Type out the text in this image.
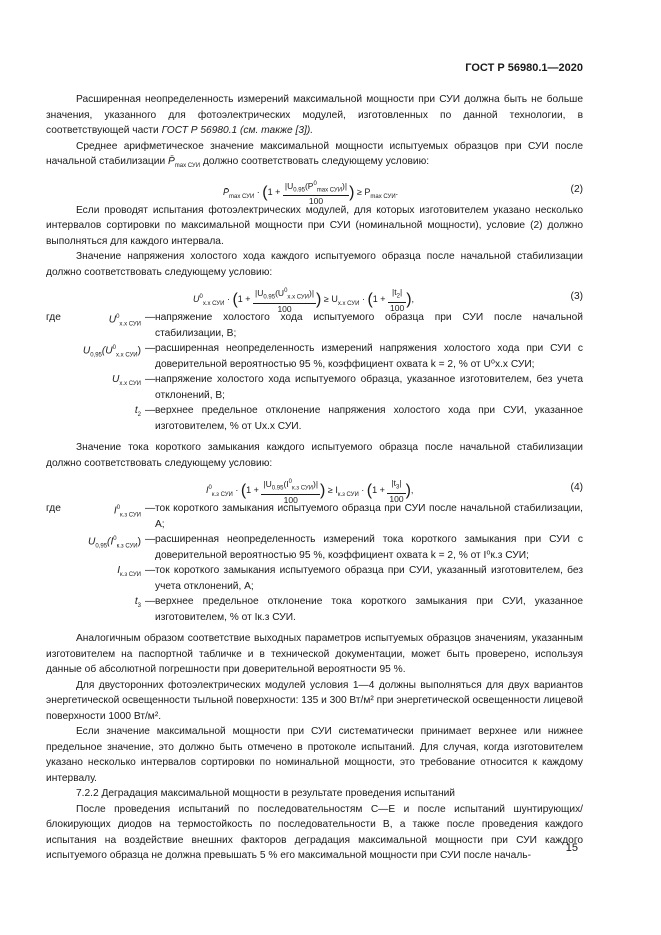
ГОСТ Р 56980.1—2020

Расширенная неопределенность измерений максимальной мощности при СУИ должна быть не больше значения, указанного для фотоэлектрических модулей, изготовленных по данной технологии, в соответствующей части ГОСТ Р 56980.1 (см. также [3]).

Среднее арифметическое значение максимальной мощности испытуемых образцов при СУИ после начальной стабилизации $P̄_{max СУИ}$ должно соответствовать следующему условию:

$P̄_{max СУИ} \cdot (1 + \frac{|U_{0.95}(P^0_{max СУИ})|}{100}$ ) ≥ $P_{max СУИ}$.	(2)

Если проводят испытания фотоэлектрических модулей, для которых изготовителем указано несколько интервалов сортировки по максимальной мощности при СУИ (номинальной мощности), условие (2) должно выполняться для каждого интервала.

Значение напряжения холостого хода каждого испытуемого образца после начальной стабилизации должно соответствовать следующему условию:

$U^0_{х.х СУИ} \cdot (1 + \frac{|U_{0.95}(U^0_{х.х СУИ})|}{100}$ ) ≥ $U_{х.х СУИ} \cdot (1 + \frac{|t_2|}{100}$ ),	(3)
где	$U^0_{х.х СУИ}$
— напряжение холостого хода испытуемого образца при СУИ после начальной стабилизации, В;
$U_{0,95}(U^0_{х.х СУИ})$ — расширенная неопределенность измерений напряжения холостого хода при СУИ с доверительной вероятностью 95 %, коэффициент охвата k = 2, % от U⁰х.х СУИ;
$U_{х.х СУИ}$ — напряжение холостого хода испытуемого образца, указанное изготовителем, без учета отклонений, В;
$t_2$ — верхнее предельное отклонение напряжения холостого хода при СУИ, указанное изготовителем, % от Uх.х СУИ.

Значение тока короткого замыкания каждого испытуемого образца после начальной стабилизации должно соответствовать следующему условию:

$I^0_{к.з СУИ} \cdot (1 + \frac{|U_{0.95}(I^0_{к.з СУИ})|}{100}$ ) ≥ $I_{к.з СУИ} \cdot (1 + \frac{|t_3|}{100}$ ),	(4)
где	$I^0_{к.з СУИ}$
— ток короткого замыкания испытуемого образца при СУИ после начальной стабилизации, А;
$U_{0,95}(I^0_{к.з СУИ})$ — расширенная неопределенность измерений тока короткого замыкания при СУИ с доверительной вероятностью 95 %, коэффициент охвата k = 2, % от I⁰к.з СУИ;
$I_{к.з СУИ}$ — ток короткого замыкания испытуемого образца при СУИ, указанный изготовителем, без учета отклонений, А;
$t_3$ — верхнее предельное отклонение тока короткого замыкания при СУИ, указанное изготовителем, % от Iк.з СУИ.

Аналогичным образом соответствие выходных параметров испытуемых образцов значениям, указанным изготовителем на паспортной табличке и в технической документации, может быть проверено, используя данные об абсолютной погрешности при доверительной вероятности 95 %.

Для двусторонних фотоэлектрических модулей условия 1—4 должны выполняться для двух вариантов энергетической освещенности тыльной поверхности: 135 и 300 Вт/м² при энергетической освещенности лицевой поверхности 1000 Вт/м².

Если значение максимальной мощности при СУИ систематически принимает верхнее или нижнее предельное значение, это должно быть отмечено в протоколе испытаний. Для случая, когда изготовителем указано несколько интервалов сортировки по номинальной мощности, это требование относится к каждому интервалу.

7.2.2 Деградация максимальной мощности в результате проведения испытаний

После проведения испытаний по последовательностям С—Е и после испытаний шунтирующих/блокирующих диодов на термостойкость по последовательности В, а также после проведения каждого испытания на воздействие внешних факторов деградация максимальной мощности при СУИ каждого испытуемого образца не должна превышать 5 % его максимальной мощности при СУИ после началь-

15
